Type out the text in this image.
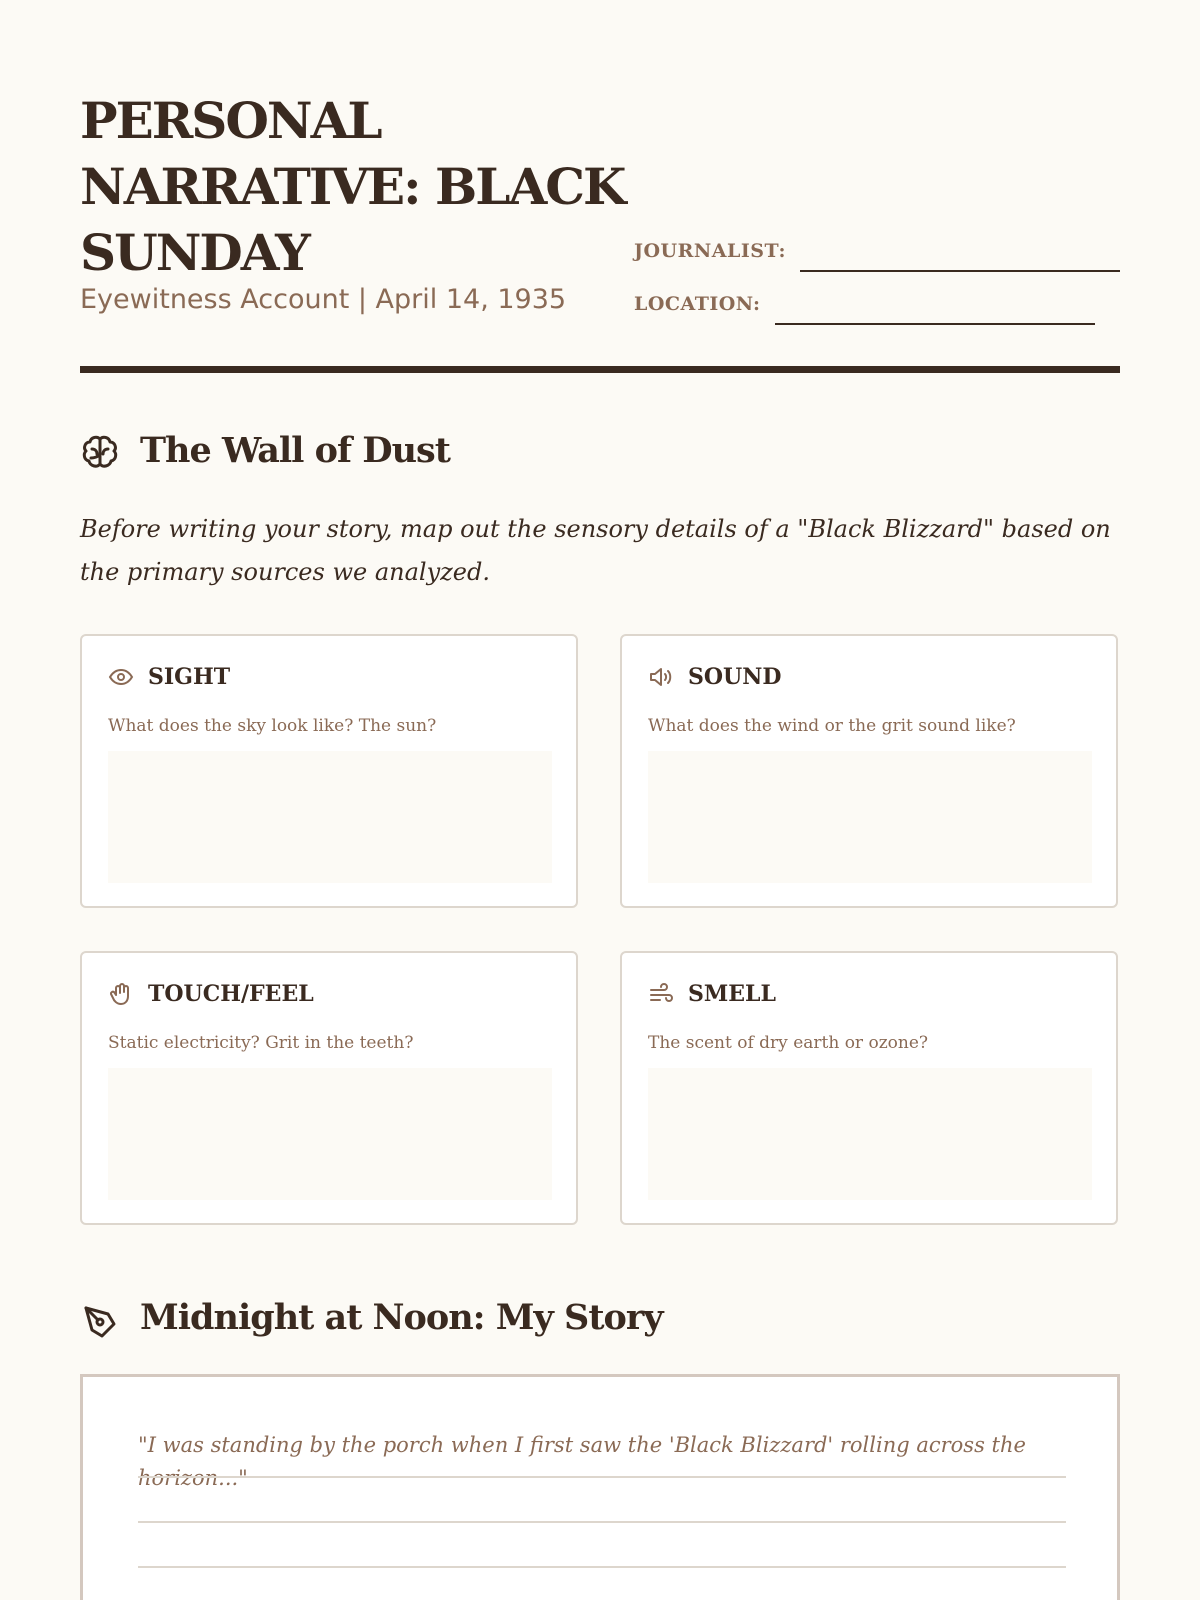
PERSONAL NARRATIVE: BLACK SUNDAY
Eyewitness Account | April 14, 1935
JOURNALIST:
LOCATION:
The Wall of Dust

Before writing your story, map out the sensory details of a "Black Blizzard" based on the primary sources we analyzed.

SIGHT
What does the sky look like? The sun?
SOUND
What does the wind or the grit sound like?
TOUCH/FEEL
Static electricity? Grit in the teeth?
SMELL
The scent of dry earth or ozone?
Midnight at Noon: My Story

"I was standing by the porch when I first saw the 'Black Blizzard' rolling across the horizon..."
